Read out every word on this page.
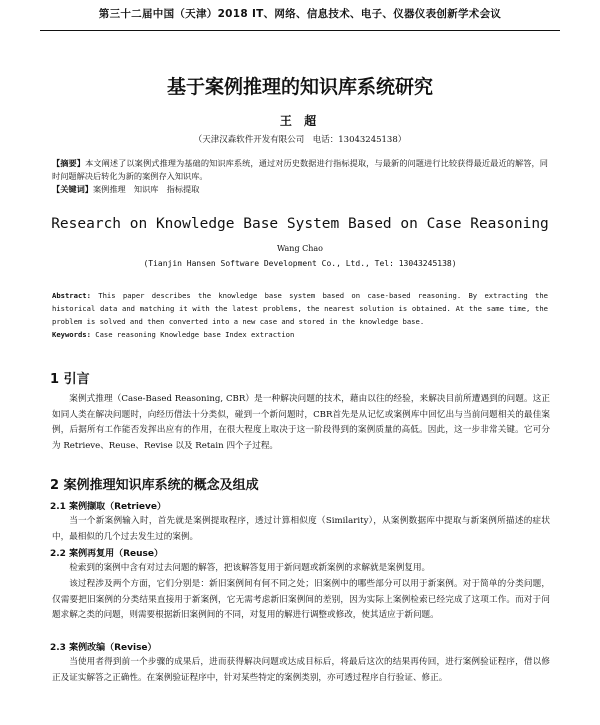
第三十二届中国（天津）2018 IT、网络、信息技术、电子、仪器仪表创新学术会议
基于案例推理的知识库系统研究
王 超
（天津汉森软件开发有限公司　电话：13043245138）
【摘要】本文阐述了以案例式推理为基础的知识库系统，通过对历史数据进行指标提取，与最新的问题进行比较获得最近最近的解答，同时问题解决后转化为新的案例存入知识库。
【关键词】案例推理　知识库　指标提取
Research on Knowledge Base System Based on Case Reasoning
Wang Chao
(Tianjin Hansen Software Development Co., Ltd., Tel: 13043245138)
Abstract: This paper describes the knowledge base system based on case-based reasoning. By extracting the historical data and matching it with the latest problems, the nearest solution is obtained. At the same time, the problem is solved and then converted into a new case and stored in the knowledge base.
Keywords: Case reasoning Knowledge base Index extraction
1 引言
案例式推理（Case-Based Reasoning, CBR）是一种解决问题的技术，藉由以往的经验，来解决目前所遭遇到的问题。这正如同人类在解决问题时，向经历借法十分类似，碰到一个新问题时，CBR首先是从记忆或案例库中回忆出与当前问题相关的最佳案例，后据所有工作能否发挥出应有的作用，在很大程度上取决于这一阶段得到的案例质量的高低。因此，这一步非常关键。它可分为 Retrieve、Reuse、Revise 以及 Retain 四个子过程。
2 案例推理知识库系统的概念及组成
2.1 案例撷取（Retrieve）
当一个新案例输入时，首先就是案例提取程序，透过计算相似度（Similarity），从案例数据库中提取与新案例所描述的症状中，最相似的几个过去发生过的案例。
2.2 案例再复用（Reuse）
检索到的案例中含有对过去问题的解答，把该解答复用于新问题或新案例的求解就是案例复用。
该过程涉及两个方面，它们分别是：新旧案例间有何不同之处；旧案例中的哪些部分可以用于新案例。对于简单的分类问题，仅需要把旧案例的分类结果直接用于新案例，它无需考虑新旧案例间的差别，因为实际上案例检索已经完成了这项工作。而对于问题求解之类的问题，则需要根据新旧案例间的不同，对复用的解进行调整或修改，使其适应于新问题。
2.3 案例改编（Revise）
当使用者得到前一个步骤的成果后，进而获得解决问题或达成目标后，将最后这次的结果再传回，进行案例验证程序，借以修正及证实解答之正确性。在案例验证程序中，针对某些特定的案例类别，亦可透过程序自行验证、修正。
